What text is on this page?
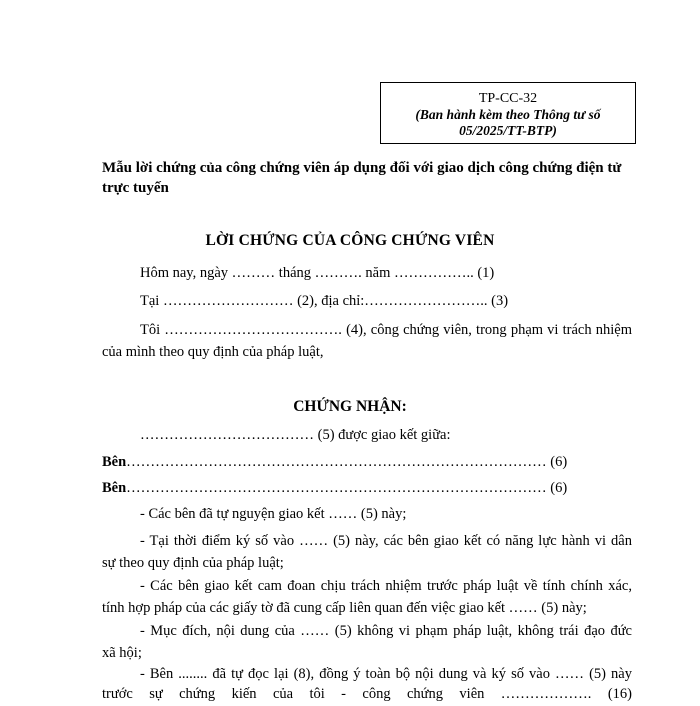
TP-CC-32
(Ban hành kèm theo Thông tư số
05/2025/TT-BTP)
Mẫu lời chứng của công chứng viên áp dụng đối với giao dịch công chứng điện tử
trực tuyến
LỜI CHỨNG CỦA CÔNG CHỨNG VIÊN
Hôm nay, ngày ……… tháng ………. năm …………….. (1)
Tại ……………………… (2), địa chỉ:…………………….. (3)
Tôi ………………………………. (4), công chứng viên, trong phạm vi trách nhiệm
của mình theo quy định của pháp luật,
CHỨNG NHẬN:
……………………………… (5) được giao kết giữa:
Bên…………………………………………………………………………… (6)
Bên…………………………………………………………………………… (6)
- Các bên đã tự nguyện giao kết …… (5) này;
- Tại thời điểm ký số vào …… (5) này, các bên giao kết có năng lực hành vi dân
sự theo quy định của pháp luật;
- Các bên giao kết cam đoan chịu trách nhiệm trước pháp luật về tính chính xác,
tính hợp pháp của các giấy tờ đã cung cấp liên quan đến việc giao kết …… (5) này;
- Mục đích, nội dung của …… (5) không vi phạm pháp luật, không trái đạo đức
xã hội;
- Bên ........ đã tự đọc lại (8), đồng ý toàn bộ nội dung và ký số vào …… (5) này
trước sự chứng kiến của tôi - công chứng viên ………………. (16)
